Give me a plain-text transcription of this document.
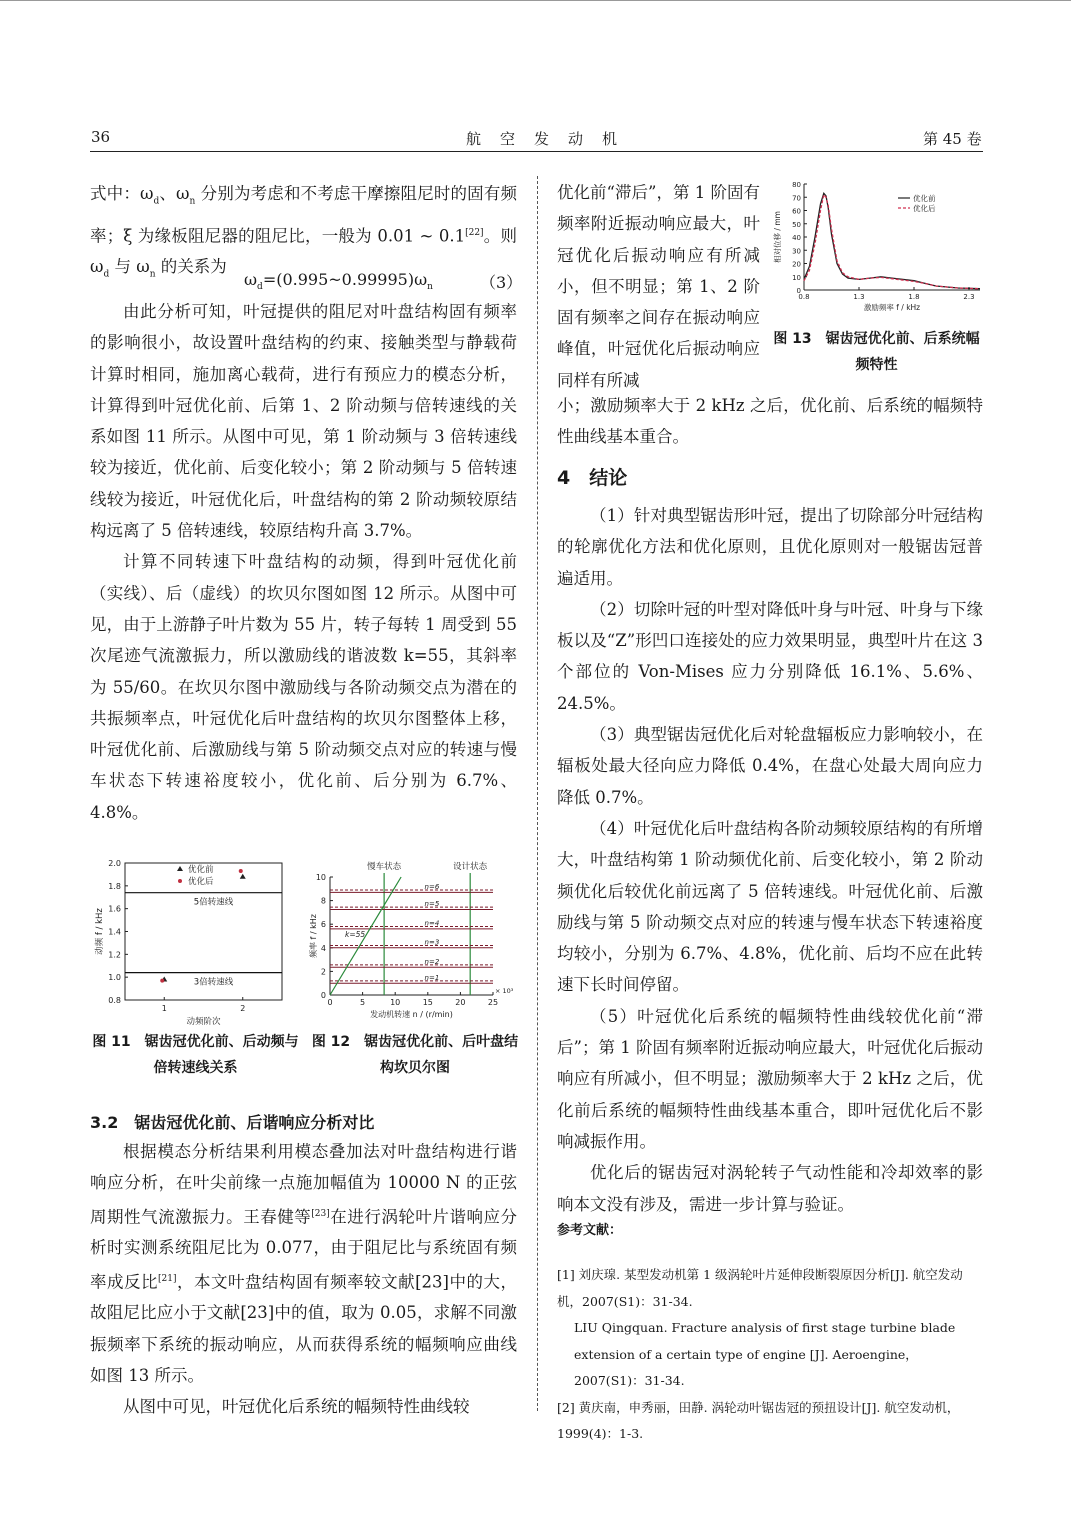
36	航　空　发　动　机	第 45 卷

式中：$\omega_d$、$\omega_n$ 分别为考虑和不考虑干摩擦阻尼时的固有频率；ξ 为缘板阻尼器的阻尼比，一般为 0.01 ~ 0.1[22]。则 $\omega_d$ 与 $\omega_n$ 的关系为

$\omega_d=(0.995\sim 0.99995)\omega_n$	（3）

由此分析可知，叶冠提供的阻尼对叶盘结构固有频率的影响很小，故设置叶盘结构的约束、接触类型与静载荷计算时相同，施加离心载荷，进行有预应力的模态分析，计算得到叶冠优化前、后第 1、2 阶动频与倍转速线的关系如图 11 所示。从图中可见，第 1 阶动频与 3 倍转速线较为接近，优化前、后变化较小；第 2 阶动频与 5 倍转速线较为接近，叶冠优化后，叶盘结构的第 2 阶动频较原结构远离了 5 倍转速线，较原结构升高 3.7%。

计算不同转速下叶盘结构的动频，得到叶冠优化前（实线）、后（虚线）的坎贝尔图如图 12 所示。从图中可见，由于上游静子叶片数为 55 片，转子每转 1 周受到 55 次尾迹气流激振力，所以激励线的谐波数 k=55，其斜率为 55/60。在坎贝尔图中激励线与各阶动频交点为潜在的共振频率点，叶冠优化后叶盘结构的坎贝尔图整体上移，叶冠优化前、后激励线与第 5 阶动频交点对应的转速与慢车状态下转速裕度较小，优化前、后分别为 6.7%、4.8%。

0.8
1.0
1.2
1.4
1.6
1.8
2.0
1	2
动频阶次
动频 f / kHz
5倍转速线
3倍转速线
优化前
优化后
0
2
4
6
8
10
0	5	10	15	20	25
× 10³
发动机转速 n / (r/min)
频率 f / kHz
慢车状态	设计状态
n=6
n=5
n=4
n=3
n=2
n=1
k=55
图 11　锯齿冠优化前、后动频与倍转速线关系
图 12　锯齿冠优化前、后叶盘结构坎贝尔图
3.2　锯齿冠优化前、后谐响应分析对比

根据模态分析结果利用模态叠加法对叶盘结构进行谐响应分析，在叶尖前缘一点施加幅值为 10000 N 的正弦周期性气流激振力。王春健等[23]在进行涡轮叶片谐响应分析时实测系统阻尼比为 0.077，由于阻尼比与系统固有频率成反比[21]，本文叶盘结构固有频率较文献[23]中的大，故阻尼比应小于文献[23]中的值，取为 0.05，求解不同激振频率下系统的振动响应，从而获得系统的幅频响应曲线如图 13 所示。

从图中可见，叶冠优化后系统的幅频特性曲线较

优化前“滞后”，第 1 阶固有频率附近振动响应最大，叶冠优化后振动响应有所减小，但不明显；第 1、2 阶固有频率之间存在振动响应峰值，叶冠优化后振动响应同样有所减
0
10
20
30
40
50
60
70
80
0.8	1.3	1.8	2.3
激励频率 f / kHz
相对位移 / mm
优化前
优化后
图 13　锯齿冠优化前、后系统幅频特性
小；激励频率大于 2 kHz 之后，优化前、后系统的幅频特性曲线基本重合。
4　结论

（1）针对典型锯齿形叶冠，提出了切除部分叶冠结构的轮廓优化方法和优化原则，且优化原则对一般锯齿冠普遍适用。

（2）切除叶冠的叶型对降低叶身与叶冠、叶身与下缘板以及“Z”形凹口连接处的应力效果明显，典型叶片在这 3 个部位的 Von-Mises 应力分别降低 16.1%、5.6%、24.5%。

（3）典型锯齿冠优化后对轮盘辐板应力影响较小，在辐板处最大径向应力降低 0.4%，在盘心处最大周向应力降低 0.7%。

（4）叶冠优化后叶盘结构各阶动频较原结构的有所增大，叶盘结构第 1 阶动频优化前、后变化较小，第 2 阶动频优化后较优化前远离了 5 倍转速线。叶冠优化前、后激励线与第 5 阶动频交点对应的转速与慢车状态下转速裕度均较小，分别为 6.7%、4.8%，优化前、后均不应在此转速下长时间停留。

（5）叶冠优化后系统的幅频特性曲线较优化前“滞后”；第 1 阶固有频率附近振动响应最大，叶冠优化后振动响应有所减小，但不明显；激励频率大于 2 kHz 之后，优化前后系统的幅频特性曲线基本重合，即叶冠优化后不影响减振作用。

优化后的锯齿冠对涡轮转子气动性能和冷却效率的影响本文没有涉及，需进一步计算与验证。

参考文献：

[1] 刘庆瑔. 某型发动机第 1 级涡轮叶片延伸段断裂原因分析[J]. 航空发动机，2007(S1)：31-34.

LIU Qingquan. Fracture analysis of first stage turbine blade extension of a certain type of engine [J]. Aeroengine，2007(S1)：31-34.

[2] 黄庆南，申秀丽，田静. 涡轮动叶锯齿冠的预扭设计[J]. 航空发动机，1999(4)：1-3.
